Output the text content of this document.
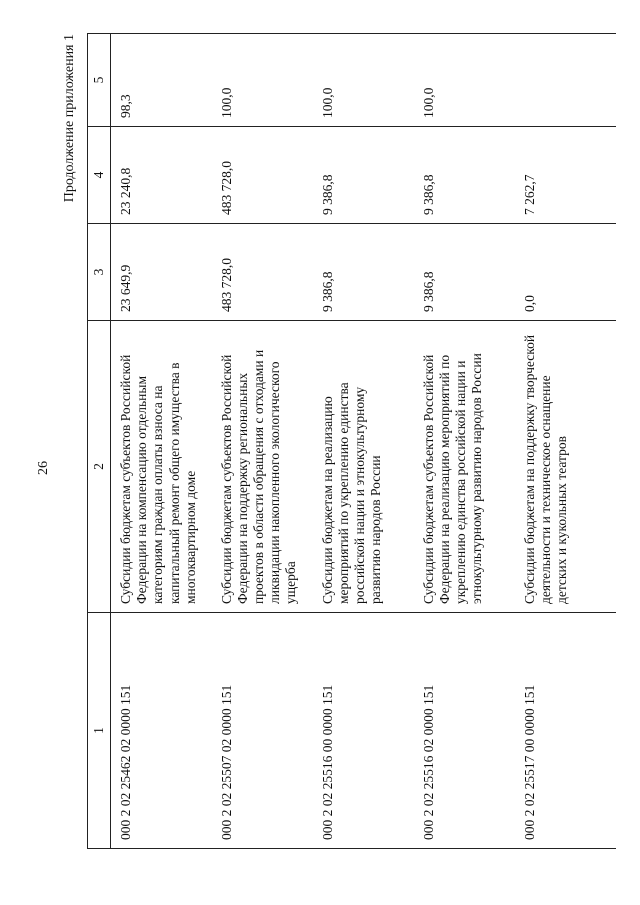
26
Продолжение приложения 1
1	2	3	4	5
000 2 02 25462 02 0000 151	Субсидии бюджетам субъектов Российской Федерации на компенсацию отдельным категориям граждан оплаты взноса на капитальный ремонт общего имущества в многоквартирном доме	23 649,9	23 240,8	98,3
000 2 02 25507 02 0000 151	Субсидии бюджетам субъектов Российской Федерации на поддержку региональных проектов в области обращения с отходами и ликвидации накопленного экологического ущерба	483 728,0	483 728,0	100,0
000 2 02 25516 00 0000 151	Субсидии бюджетам на реализацию мероприятий по укреплению единства российской нации и этнокультурному развитию народов России	9 386,8	9 386,8	100,0
000 2 02 25516 02 0000 151	Субсидии бюджетам субъектов Российской Федерации на реализацию мероприятий по укреплению единства российской нации и этнокультурному развитию народов России	9 386,8	9 386,8	100,0
000 2 02 25517 00 0000 151	Субсидии бюджетам на поддержку творческой деятельности и техническое оснащение детских и кукольных театров	0,0	7 262,7	
